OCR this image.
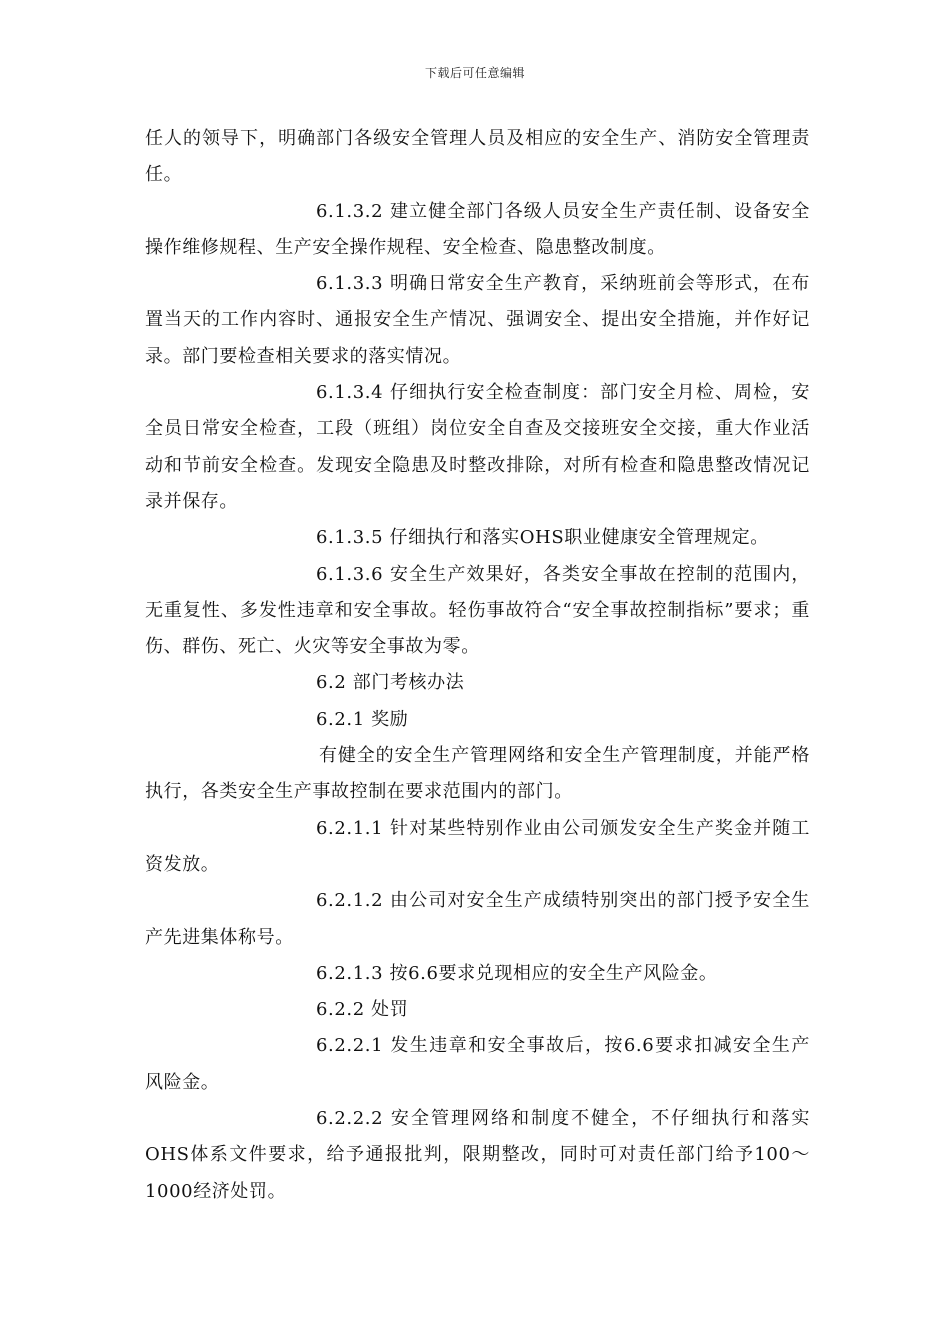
下载后可任意编辑

任人的领导下，明确部门各级安全管理人员及相应的安全生产、消防安全管理责任。

6.1.3.2 建立健全部门各级人员安全生产责任制、设备安全操作维修规程、生产安全操作规程、安全检查、隐患整改制度。

6.1.3.3 明确日常安全生产教育，采纳班前会等形式，在布置当天的工作内容时、通报安全生产情况、强调安全、提出安全措施，并作好记录。部门要检查相关要求的落实情况。

6.1.3.4 仔细执行安全检查制度：部门安全月检、周检，安全员日常安全检查，工段（班组）岗位安全自查及交接班安全交接，重大作业活动和节前安全检查。发现安全隐患及时整改排除，对所有检查和隐患整改情况记录并保存。

6.1.3.5 仔细执行和落实OHS职业健康安全管理规定。

6.1.3.6 安全生产效果好，各类安全事故在控制的范围内，无重复性、多发性违章和安全事故。轻伤事故符合“安全事故控制指标”要求；重伤、群伤、死亡、火灾等安全事故为零。

6.2 部门考核办法

6.2.1 奖励

有健全的安全生产管理网络和安全生产管理制度，并能严格执行，各类安全生产事故控制在要求范围内的部门。

6.2.1.1 针对某些特别作业由公司颁发安全生产奖金并随工资发放。

6.2.1.2 由公司对安全生产成绩特别突出的部门授予安全生产先进集体称号。

6.2.1.3 按6.6要求兑现相应的安全生产风险金。

6.2.2 处罚

6.2.2.1 发生违章和安全事故后，按6.6要求扣减安全生产风险金。

6.2.2.2 安全管理网络和制度不健全，不仔细执行和落实OHS体系文件要求，给予通报批判，限期整改，同时可对责任部门给予100～1000经济处罚。
